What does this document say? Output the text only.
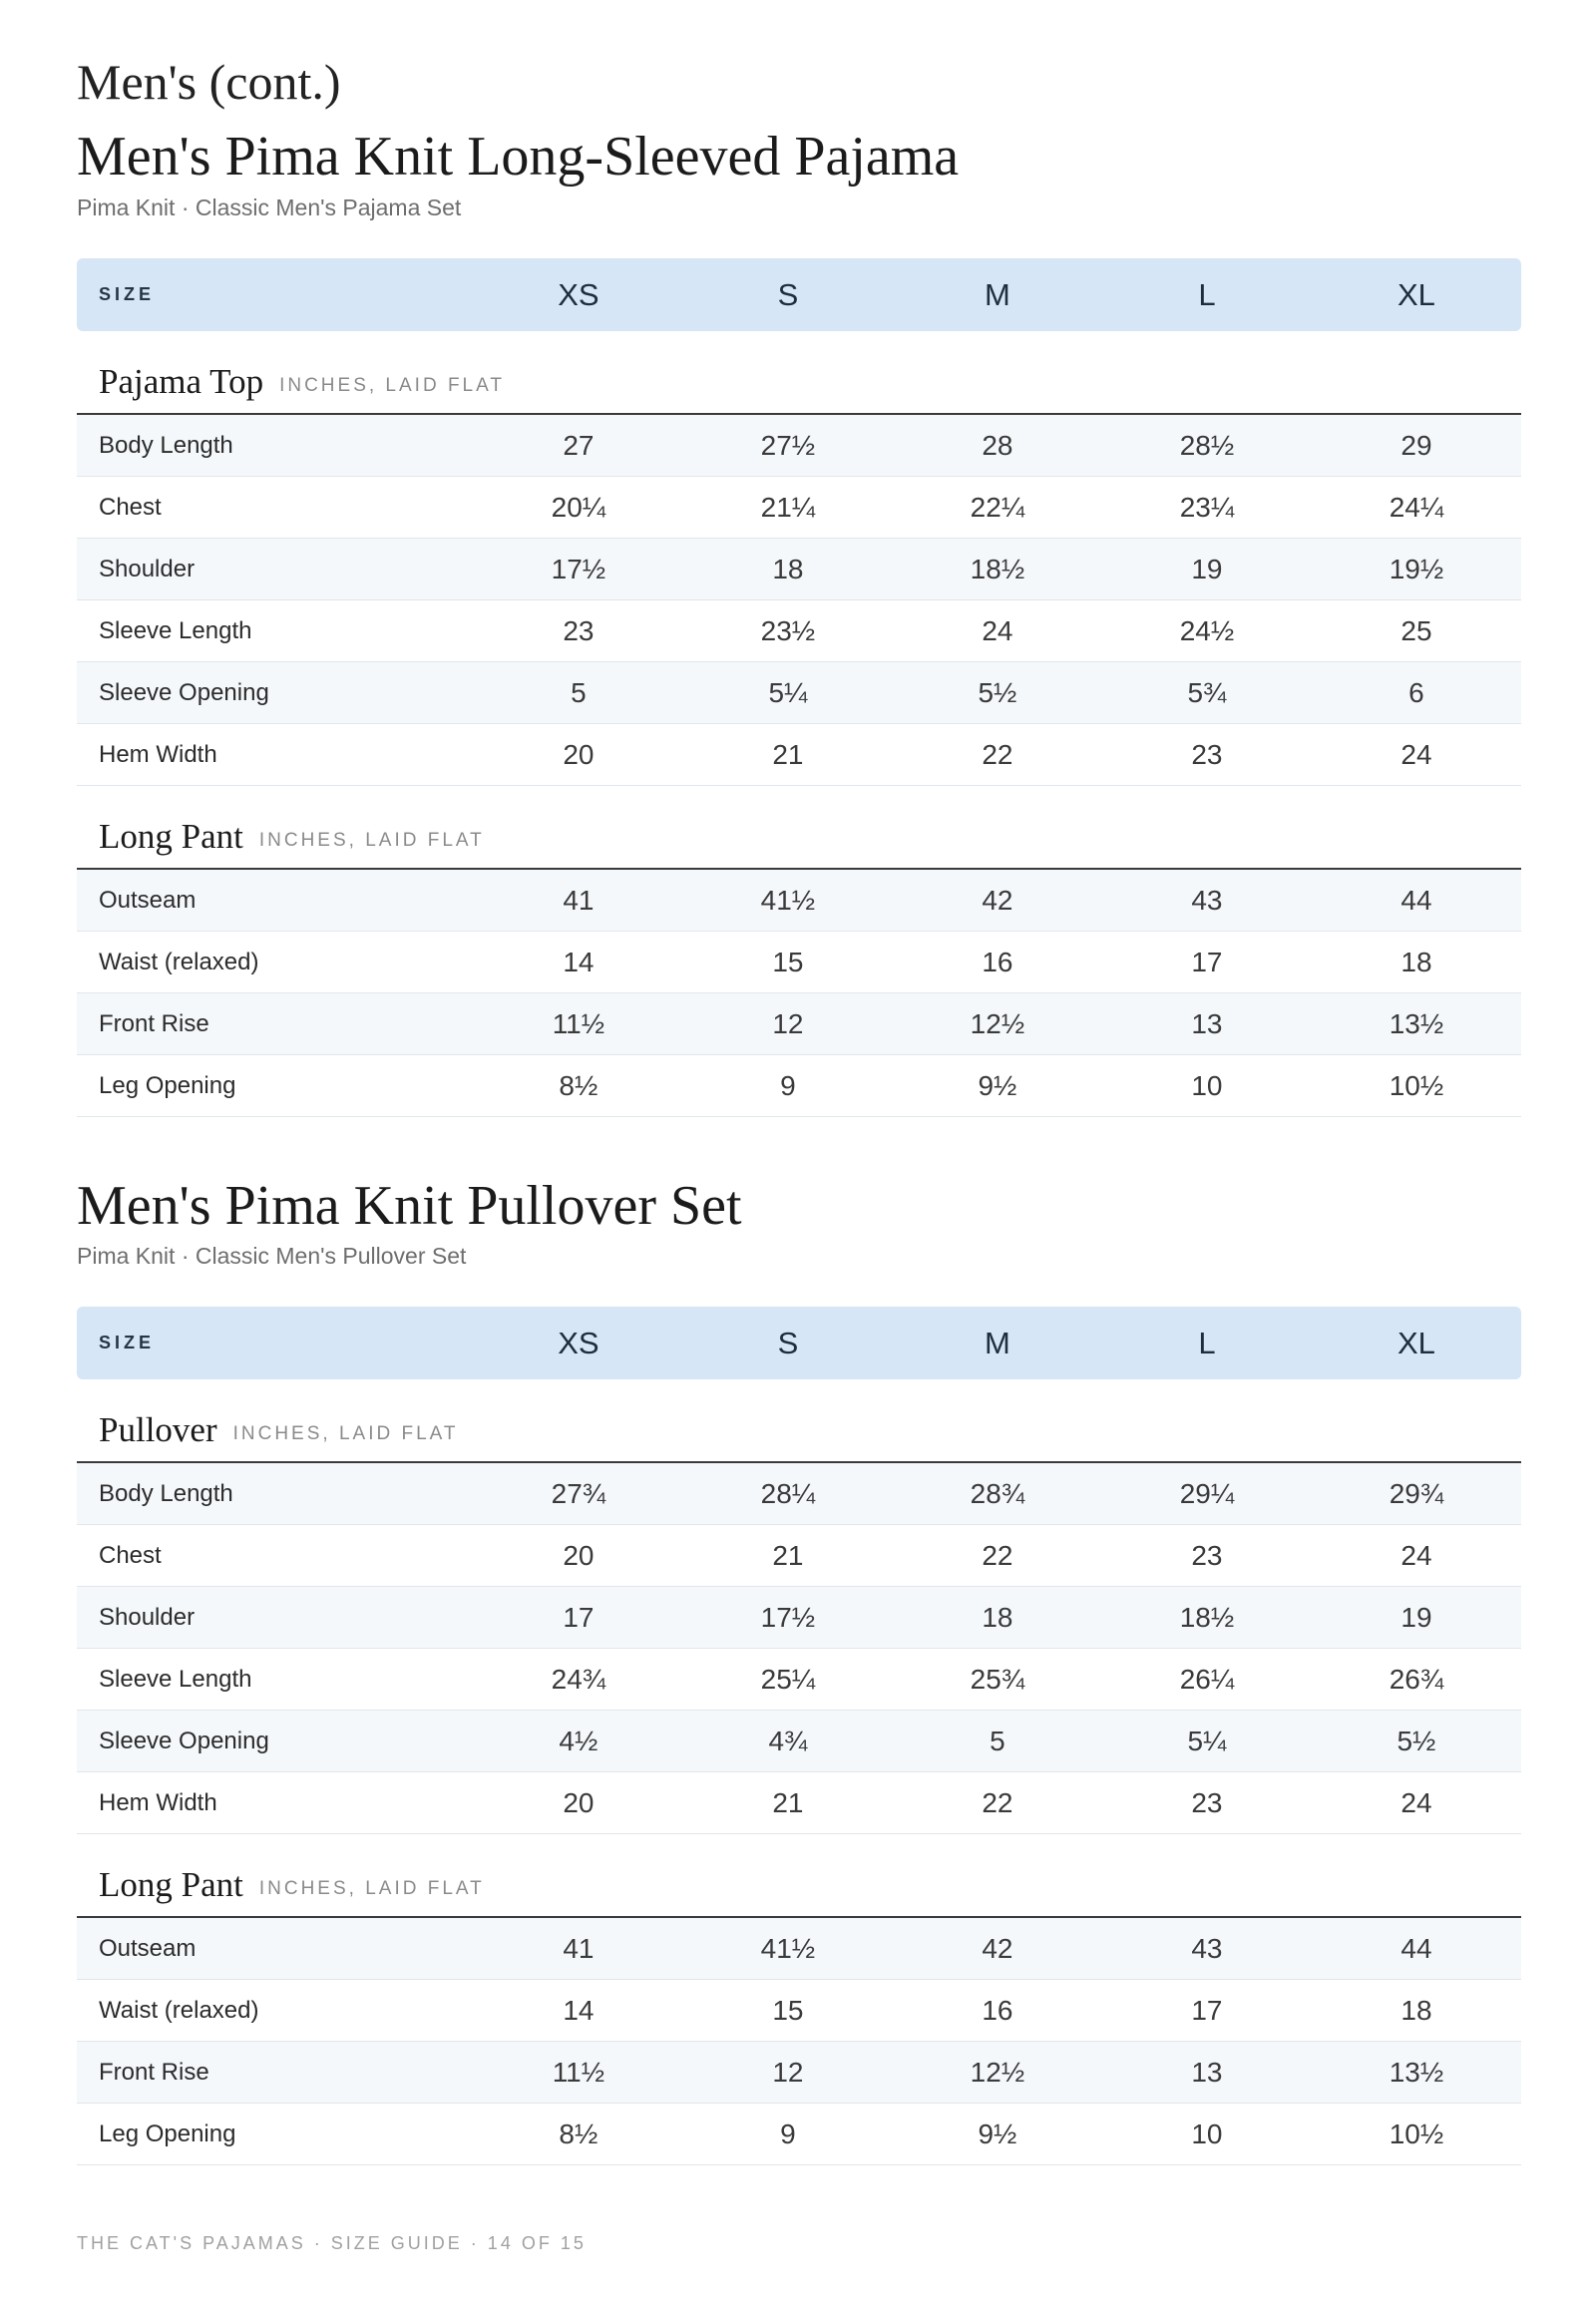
Men's (cont.)
Men's Pima Knit Long-Sleeved Pajama
Pima Knit · Classic Men's Pajama Set
SIZE	XS	S	M	L	XL
Pajama Top INCHES, LAID FLAT
Body Length	27	27½	28	28½	29
Chest	20¼	21¼	22¼	23¼	24¼
Shoulder	17½	18	18½	19	19½
Sleeve Length	23	23½	24	24½	25
Sleeve Opening	5	5¼	5½	5¾	6
Hem Width	20	21	22	23	24
Long Pant INCHES, LAID FLAT
Outseam	41	41½	42	43	44
Waist (relaxed)	14	15	16	17	18
Front Rise	11½	12	12½	13	13½
Leg Opening	8½	9	9½	10	10½
Men's Pima Knit Pullover Set
Pima Knit · Classic Men's Pullover Set
SIZE	XS	S	M	L	XL
Pullover INCHES, LAID FLAT
Body Length	27¾	28¼	28¾	29¼	29¾
Chest	20	21	22	23	24
Shoulder	17	17½	18	18½	19
Sleeve Length	24¾	25¼	25¾	26¼	26¾
Sleeve Opening	4½	4¾	5	5¼	5½
Hem Width	20	21	22	23	24
Long Pant INCHES, LAID FLAT
Outseam	41	41½	42	43	44
Waist (relaxed)	14	15	16	17	18
Front Rise	11½	12	12½	13	13½
Leg Opening	8½	9	9½	10	10½
THE CAT'S PAJAMAS · SIZE GUIDE · 14 OF 15
